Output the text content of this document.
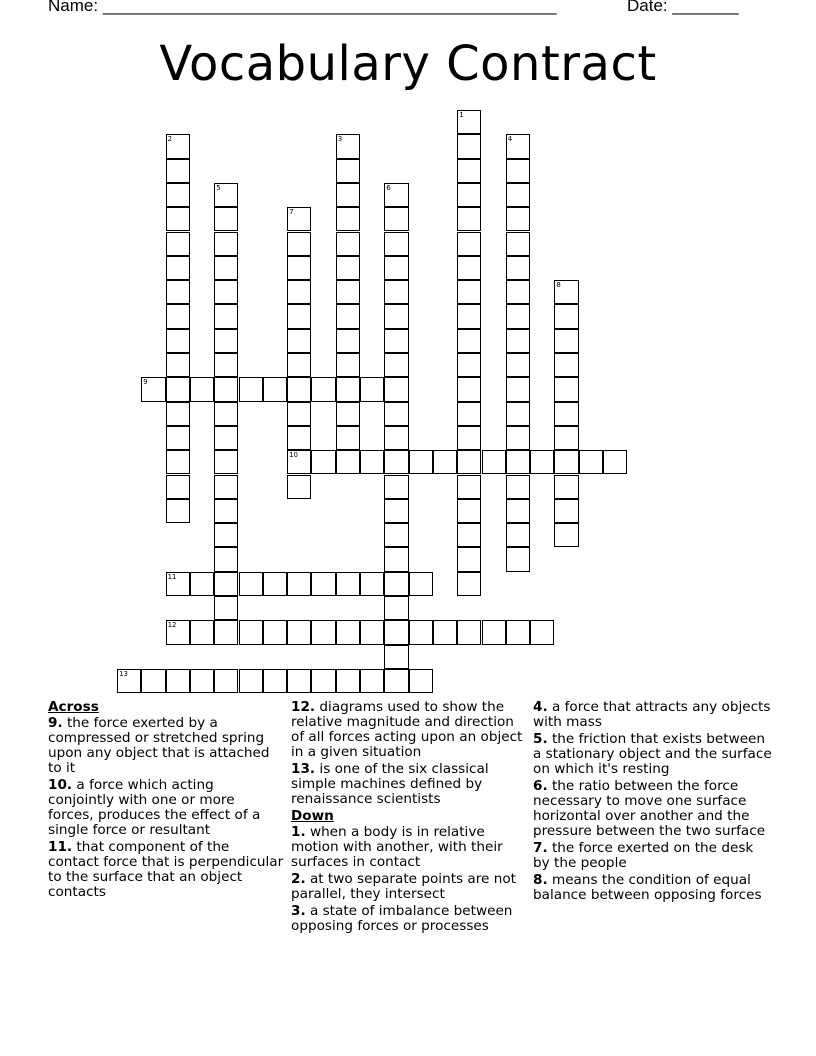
Name: ________________________________________________	Date: _______
Vocabulary Contract
1
2	3	4
5	6
7
10
8
9
11
12
13
Across
9. the force exerted by a compressed or stretched spring upon any object that is attached to it
10. a force which acting conjointly with one or more forces, produces the effect of a single force or resultant
11. that component of the contact force that is perpendicular to the surface that an object contacts
12. diagrams used to show the relative magnitude and direction of all forces acting upon an object in a given situation
13. is one of the six classical simple machines defined by renaissance scientists
Down
1. when a body is in relative motion with another, with their surfaces in contact
2. at two separate points are not parallel, they intersect
3. a state of imbalance between opposing forces or processes
4. a force that attracts any objects with mass
5. the friction that exists between a stationary object and the surface on which it's resting
6. the ratio between the force necessary to move one surface horizontal over another and the pressure between the two surface
7. the force exerted on the desk by the people
8. means the condition of equal balance between opposing forces
